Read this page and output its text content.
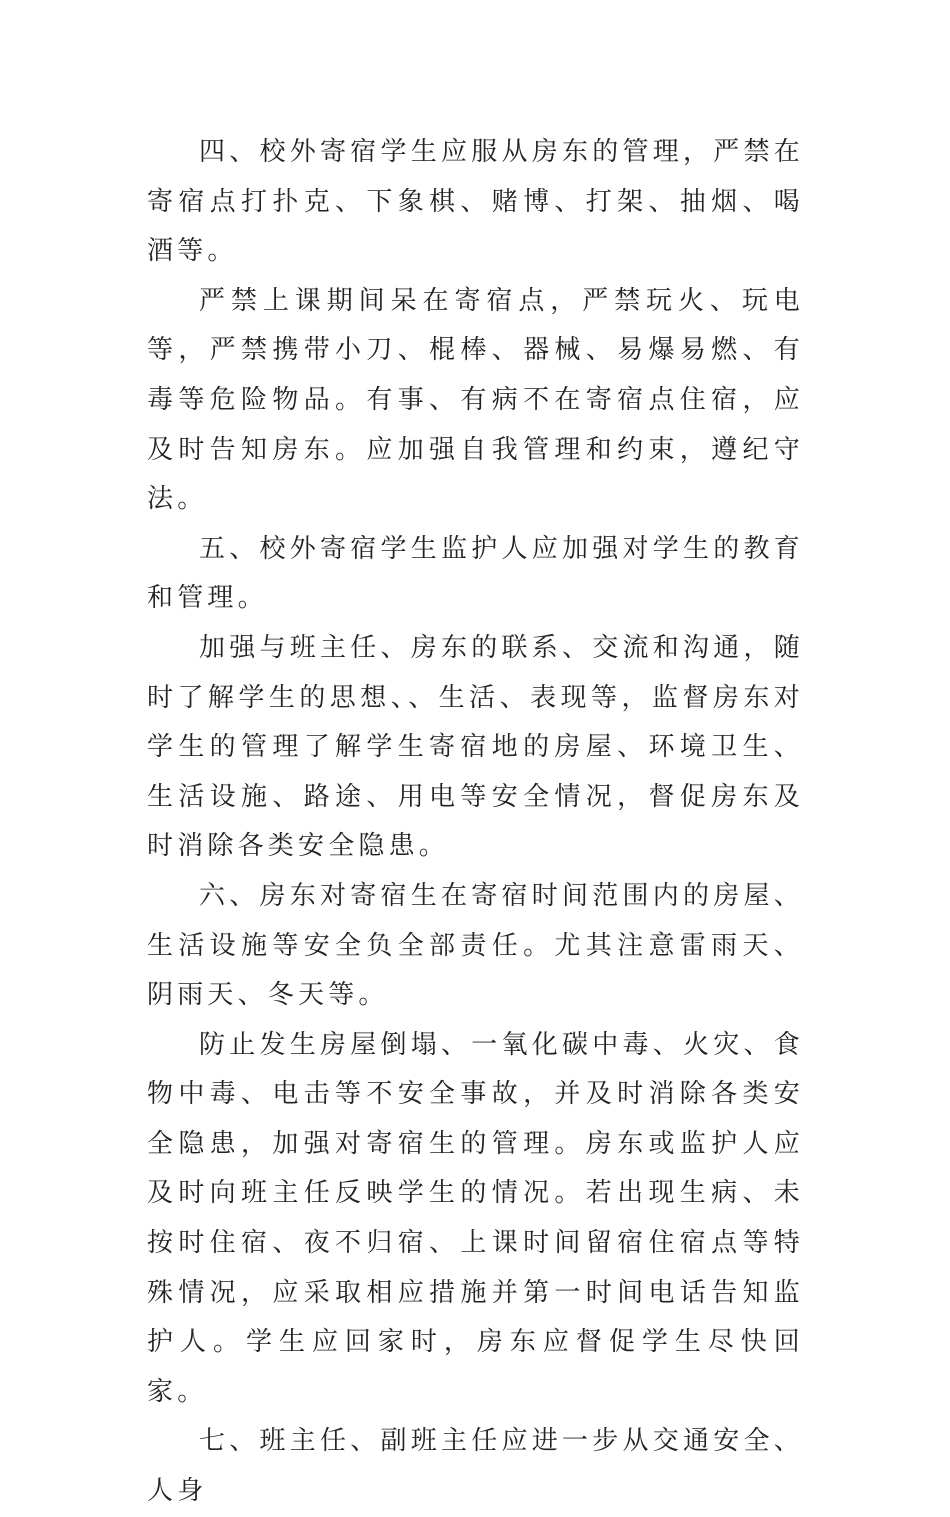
四、校外寄宿学生应服从房东的管理，严禁在寄宿点打扑克、下象棋、赌博、打架、抽烟、喝酒等。

严禁上课期间呆在寄宿点，严禁玩火、玩电等，严禁携带小刀、棍棒、器械、易爆易燃、有毒等危险物品。有事、有病不在寄宿点住宿，应及时告知房东。应加强自我管理和约束，遵纪守法。

五、校外寄宿学生监护人应加强对学生的教育和管理。

加强与班主任、房东的联系、交流和沟通，随时了解学生的思想、、生活、表现等，监督房东对学生的管理了解学生寄宿地的房屋、环境卫生、生活设施、路途、用电等安全情况，督促房东及时消除各类安全隐患。

六、房东对寄宿生在寄宿时间范围内的房屋、生活设施等安全负全部责任。尤其注意雷雨天、阴雨天、冬天等。

防止发生房屋倒塌、一氧化碳中毒、火灾、食物中毒、电击等不安全事故，并及时消除各类安全隐患，加强对寄宿生的管理。房东或监护人应及时向班主任反映学生的情况。若出现生病、未按时住宿、夜不归宿、上课时间留宿住宿点等特殊情况，应采取相应措施并第一时间电话告知监护人。学生应回家时，房东应督促学生尽快回家。

七、班主任、副班主任应进一步从交通安全、人身
